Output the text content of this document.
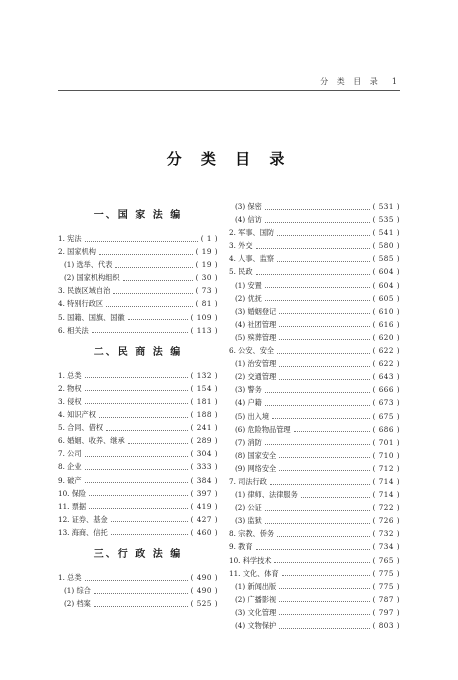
分 类 目 录 1
分 类 目 录
一、国 家 法 编
1. 宪法	( 1 )
2. 国家机构	( 19 )
(1) 选举、代表	( 19 )
(2) 国家机构组织	( 30 )
3. 民族区域自治	( 73 )
4. 特别行政区	( 81 )
5. 国籍、国旗、国徽	( 109 )
6. 相关法	( 113 )
二、民 商 法 编
1. 总类	( 132 )
2. 物权	( 154 )
3. 侵权	( 181 )
4. 知识产权	( 188 )
5. 合同、借权	( 241 )
6. 婚姻、收养、继承	( 289 )
7. 公司	( 304 )
8. 企业	( 333 )
9. 破产	( 384 )
10. 保险	( 397 )
11. 票据	( 419 )
12. 证券、基金	( 427 )
13. 海商、信托	( 460 )
三、行 政 法 编
1. 总类	( 490 )
(1) 综合	( 490 )
(2) 档案	( 525 )
(3) 保密	( 531 )
(4) 信访	( 535 )
2. 军事、国防	( 541 )
3. 外交	( 580 )
4. 人事、监察	( 585 )
5. 民政	( 604 )
(1) 安置	( 604 )
(2) 优抚	( 605 )
(3) 婚姻登记	( 610 )
(4) 社团管理	( 616 )
(5) 殡葬管理	( 620 )
6. 公安、安全	( 622 )
(1) 治安管理	( 622 )
(2) 交通管理	( 643 )
(3) 警务	( 666 )
(4) 户籍	( 673 )
(5) 出入境	( 675 )
(6) 危险物品管理	( 686 )
(7) 消防	( 701 )
(8) 国家安全	( 710 )
(9) 网络安全	( 712 )
7. 司法行政	( 714 )
(1) 律师、法律服务	( 714 )
(2) 公证	( 722 )
(3) 监狱	( 726 )
8. 宗教、侨务	( 732 )
9. 教育	( 734 )
10. 科学技术	( 765 )
11. 文化、体育	( 775 )
(1) 新闻出版	( 775 )
(2) 广播影视	( 787 )
(3) 文化管理	( 797 )
(4) 文物保护	( 803 )
